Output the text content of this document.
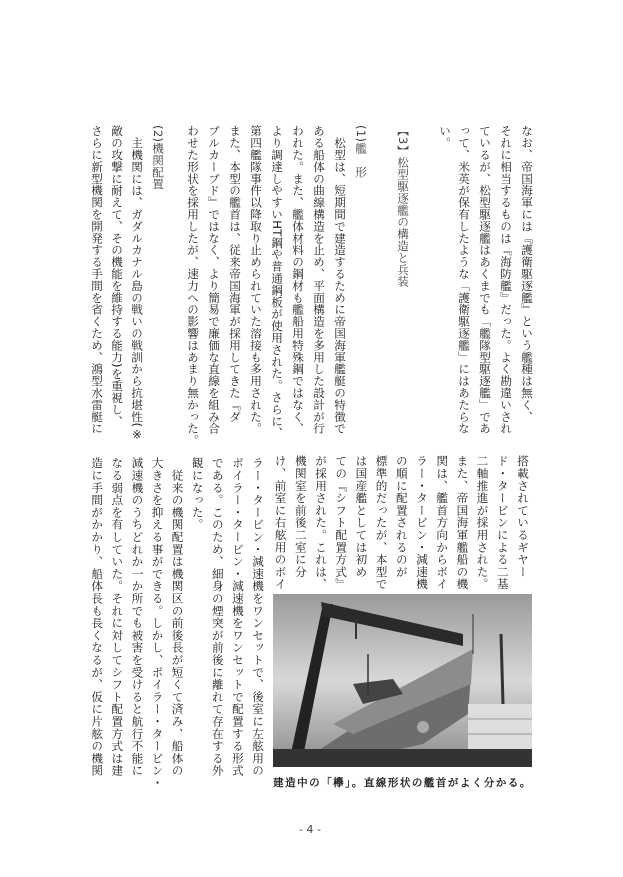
なお、帝国海軍には『護衛駆逐艦』という艦種は無く、
それに相当するものは『海防艦』だった。よく勘違いされ
ているが、松型駆逐艦はあくまでも「艦隊型駆逐艦」であ
って、米英が保有したような「護衛駆逐艦」にはあたらな
い。
【3】松型駆逐艦の構造と兵装
(1)艦　形
　松型は、短期間で建造するために帝国海軍艦艇の特徴で
ある船体の曲線構造を止め、平面構造を多用した設計が行
われた。また、艦体材料の鋼材も艦船用特殊鋼ではなく、
より調達しやすいHT鋼や普通鋼板が使用された。さらに、
第四艦隊事件以降取り止められていた溶接も多用された。
また、本型の艦首は、従来帝国海軍が採用してきた『ダ
ブルカーブド』ではなく、より簡易で廉価な直線を組み合
わせた形状を採用したが、速力への影響はあまり無かった。
(2)機関配置
　主機関には、ガダルカナル島の戦いの戦訓から抗堪性(※
敵の攻撃に耐えて、その機能を維持する能力)を重視し、
さらに新型機関を開発する手間を省くため、鴻型水雷艇に
搭載されているギヤー
ド・タービンによる二基
二軸推進が採用された。
また、帝国海軍艦船の機
関は、艦首方向からボイ
ラー・タービン・減速機
の順に配置されるのが
標準的だったが、本型で
は国産艦としては初め
ての『シフト配置方式』
が採用された。これは、
機関室を前後二室に分
け、前室に右舷用のボイ
ラー・タービン・減速機をワンセットで、後室に左舷用の
ボイラー・タービン・減速機をワンセットで配置する形式
である。このため、細身の煙突が前後に離れて存在する外
観になった。
　従来の機関配置は機関区の前後長が短くて済み、船体の
大きさを抑える事ができる。しかし、ボイラー・タービン・
減速機のうちどれか一か所でも被害を受けると航行不能に
なる弱点を有していた。それに対してシフト配置方式は建
造に手間がかかり、船体長も長くなるが、仮に片舷の機関
建造中の「欅」。直線形状の艦首がよく分かる。
- 4 -
